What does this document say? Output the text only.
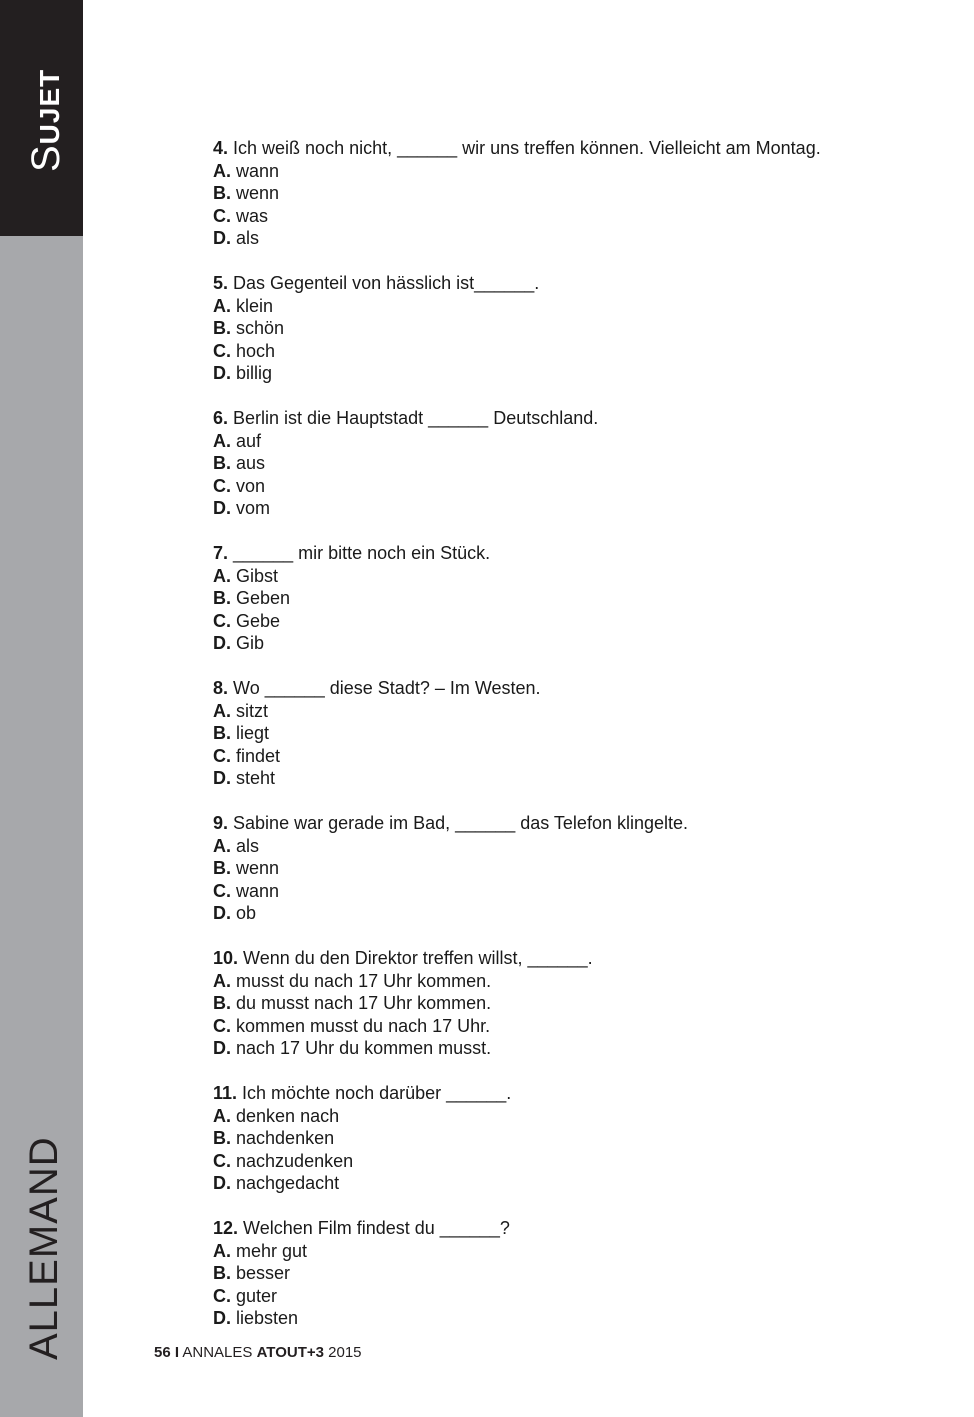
SUJET
ALLEMAND
4. Ich weiß noch nicht, ______ wir uns treffen können. Vielleicht am Montag.
A. wann
B. wenn
C. was
D. als
5. Das Gegenteil von hässlich ist______.
A. klein
B. schön
C. hoch
D. billig
6. Berlin ist die Hauptstadt ______ Deutschland.
A. auf
B. aus
C. von
D. vom
7. ______ mir bitte noch ein Stück.
A. Gibst
B. Geben
C. Gebe
D. Gib
8. Wo ______ diese Stadt? – Im Westen.
A. sitzt
B. liegt
C. findet
D. steht
9. Sabine war gerade im Bad, ______ das Telefon klingelte.
A. als
B. wenn
C. wann
D. ob
10. Wenn du den Direktor treffen willst, ______.
A. musst du nach 17 Uhr kommen.
B. du musst nach 17 Uhr kommen.
C. kommen musst du nach 17 Uhr.
D. nach 17 Uhr du kommen musst.
11. Ich möchte noch darüber ______.
A. denken nach
B. nachdenken
C. nachzudenken
D. nachgedacht
12. Welchen Film findest du ______?
A. mehr gut
B. besser
C. guter
D. liebsten
56 I ANNALES ATOUT+3 2015
